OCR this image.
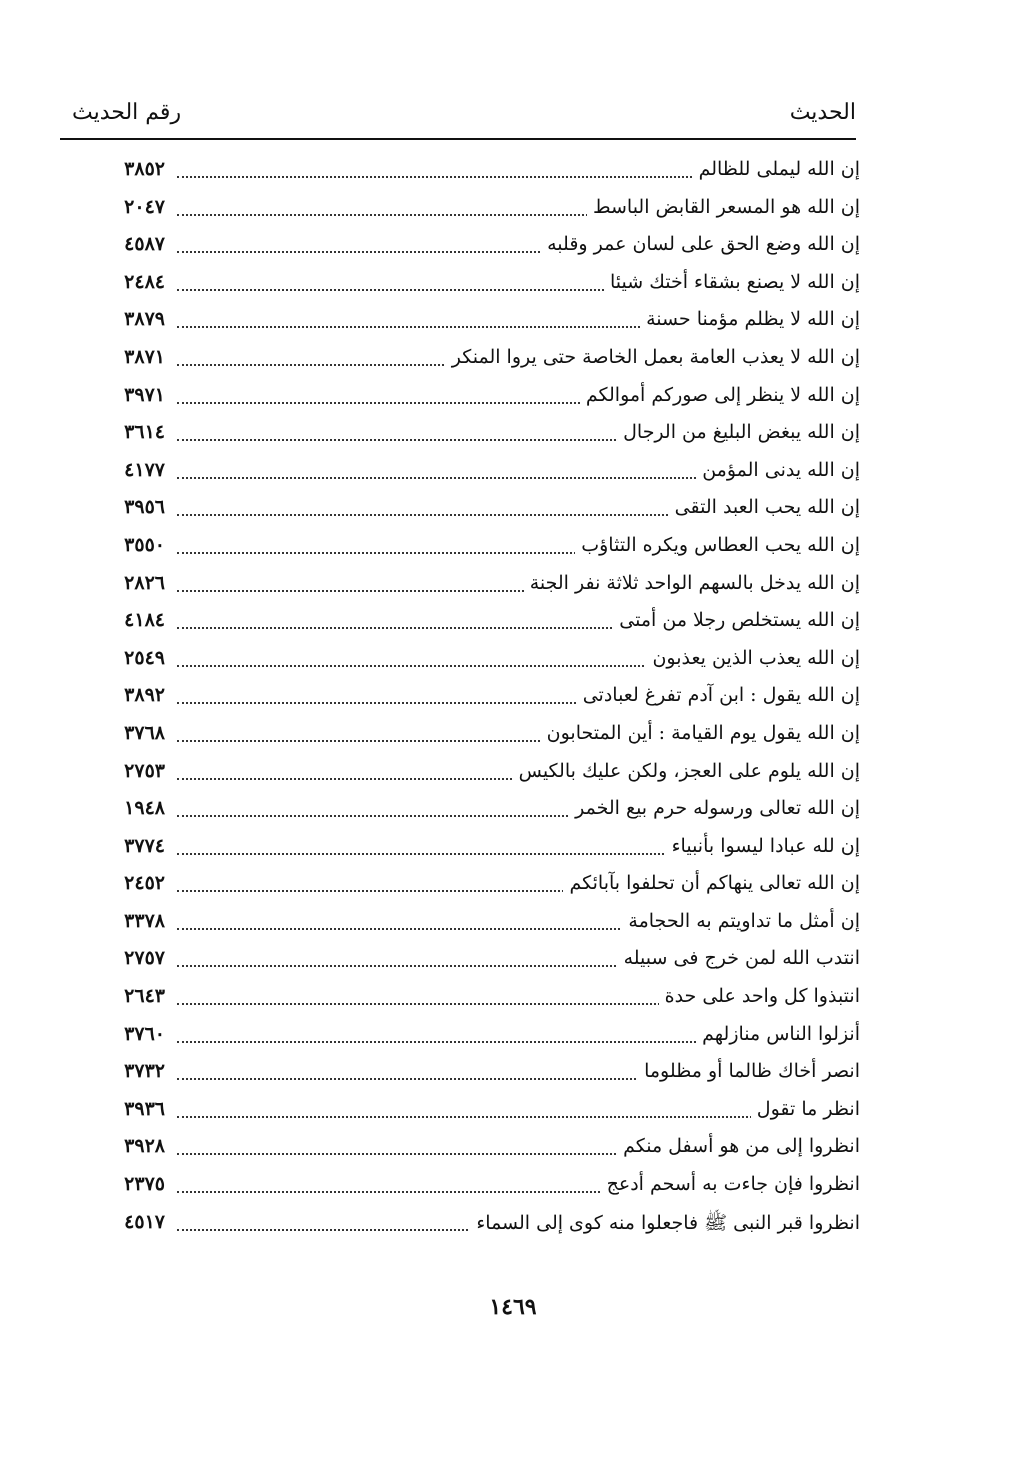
الحديث
رقم الحديث
إن الله ليملى للظالم
٣٨٥٢
إن الله هو المسعر القابض الباسط
٢٠٤٧
إن الله وضع الحق على لسان عمر وقلبه
٤٥٨٧
إن الله لا يصنع بشقاء أختك شيئا
٢٤٨٤
إن الله لا يظلم مؤمنا حسنة
٣٨٧٩
إن الله لا يعذب العامة بعمل الخاصة حتى يروا المنكر
٣٨٧١
إن الله لا ينظر إلى صوركم أموالكم
٣٩٧١
إن الله يبغض البليغ من الرجال
٣٦١٤
إن الله يدنى المؤمن
٤١٧٧
إن الله يحب العبد التقى
٣٩٥٦
إن الله يحب العطاس ويكره التثاؤب
٣٥٥٠
إن الله يدخل بالسهم الواحد ثلاثة نفر الجنة
٢٨٢٦
إن الله يستخلص رجلا من أمتى
٤١٨٤
إن الله يعذب الذين يعذبون
٢٥٤٩
إن الله يقول : ابن آدم تفرغ لعبادتى
٣٨٩٢
إن الله يقول يوم القيامة : أين المتحابون
٣٧٦٨
إن الله يلوم على العجز، ولكن عليك بالكيس
٢٧٥٣
إن الله تعالى ورسوله حرم بيع الخمر
١٩٤٨
إن لله عبادا ليسوا بأنبياء
٣٧٧٤
إن الله تعالى ينهاكم أن تحلفوا بآبائكم
٢٤٥٢
إن أمثل ما تداويتم به الحجامة
٣٣٧٨
انتدب الله لمن خرج فى سبيله
٢٧٥٧
انتبذوا كل واحد على حدة
٢٦٤٣
أنزلوا الناس منازلهم
٣٧٦٠
انصر أخاك ظالما أو مظلوما
٣٧٣٢
انظر ما تقول
٣٩٣٦
انظروا إلى من هو أسفل منكم
٣٩٢٨
انظروا فإن جاءت به أسحم أدعج
٢٣٧٥
انظروا قبر النبى ﷺ فاجعلوا منه كوى إلى السماء
٤٥١٧
١٤٦٩
